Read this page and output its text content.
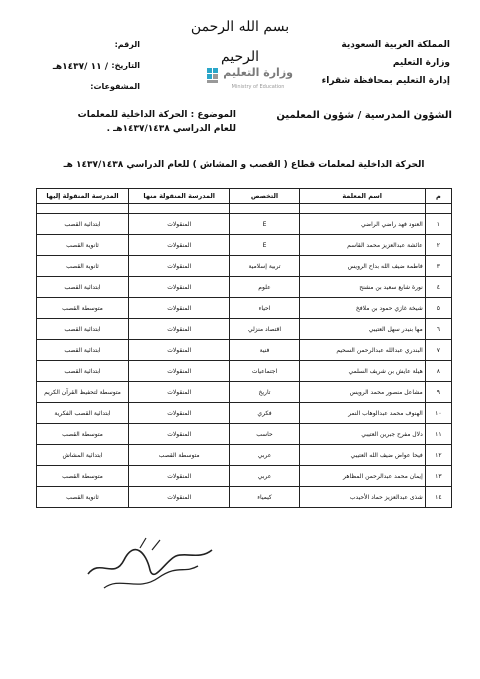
المملكة العربية السعودية
وزارة التعليم
إدارة التعليم بمحافظة شقراء
الرقم:
التاريخ:
المشفوعات:
/ ١١ /١٤٣٧هـ
بسم الله الرحمن الرحيم
وزارة التعليم
Ministry of Education
الشؤون المدرسية / شؤون المعلمين
الموضوع : الحركة الداخلية للمعلمات
للعام الدراسي ١٤٣٧/١٤٣٨هـ .
الحركة الداخلية لمعلمات قطاع ( القصب و المشاش ) للعام الدراسي ١٤٣٧/١٤٣٨ هـ
م	اسم المعلمة	التخصص	المدرسة المنقولة منها	المدرسة المنقولة إليها

١	العنود فهد راضي الراضي	E	المنقولات	ابتدائية القصب
٢	عائشة عبدالعزيز محمد القاسم	E	المنقولات	ثانوية القصب
٣	فاطمة ضيف الله بداح الرويس	تربية إسلامية	المنقولات	ثانوية القصب
٤	نورة شايع سعيد بن مشنح	علوم	المنقولات	ابتدائية القصب
٥	شيخة غازي حمود بن ملافخ	احياء	المنقولات	متوسطة القصب
٦	مها بنيدر سهل العتيبي	اقتصاد منزلي	المنقولات	ابتدائية القصب
٧	البندري عبدالله عبدالرحمن السحيم	فنية	المنقولات	ابتدائية القصب
٨	هيلة عايش بن شريف السلمي	اجتماعيات	المنقولات	ابتدائية القصب
٩	مشاعل منصور محمد الرويس	تاريخ	المنقولات	متوسطة لتحفيظ القرآن الكريم
١٠	الهنوف محمد عبدالوهاب النمر	فكري	المنقولات	ابتدائية القصب الفكرية
١١	دلال مفرح جبرين العتيبي	حاسب	المنقولات	متوسطة القصب
١٢	فيحا عواض ضيف الله العتيبي	عربي	متوسطة القصب	ابتدائية المشاش
١٣	إيمان محمد عبدالرحمن المظاهر	عربي	المنقولات	متوسطة القصب
١٤	شذى عبدالعزيز حماد الأحيدب	كيمياء	المنقولات	ثانوية القصب
